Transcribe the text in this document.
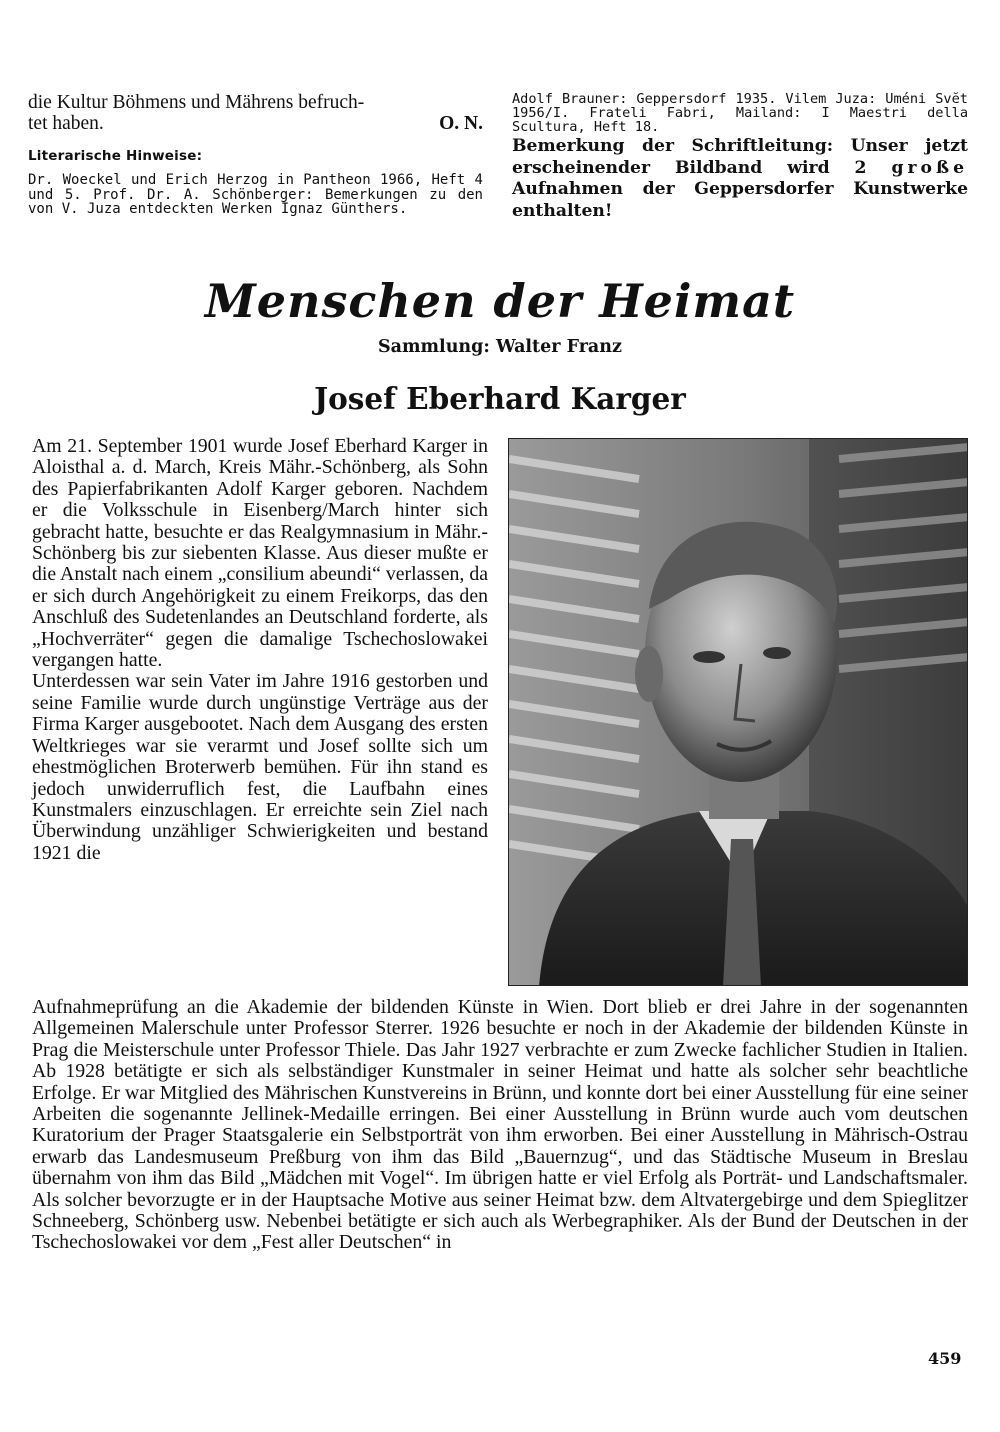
die Kultur Böhmens und Mährens befruch-

tet haben.	O. N.
Literarische Hinweise:

Dr. Woeckel und Erich Herzog in Pantheon 1966, Heft 4 und 5. Prof. Dr. A. Schönberger: Bemerkungen zu den von V. Juza entdeckten Werken Ignaz Günthers.

Adolf Brauner: Geppersdorf 1935. Vilem Juza: Uméni Svĕt 1956/I. Frateli Fabri, Mailand: I Maestri della Scultura, Heft 18.

Bemerkung der Schriftleitung: Unser jetzt erscheinender Bildband wird 2 große Aufnahmen der Geppersdorfer Kunstwerke enthalten!

Menschen der Heimat
Sammlung: Walter Franz
Josef Eberhard Karger

Am 21. September 1901 wurde Josef Eberhard Karger in Aloisthal a. d. March, Kreis Mähr.-Schönberg, als Sohn des Papierfabrikanten Adolf Karger geboren. Nachdem er die Volksschule in Eisenberg/March hinter sich gebracht hatte, besuchte er das Realgymnasium in Mähr.-Schönberg bis zur siebenten Klasse. Aus dieser mußte er die Anstalt nach einem „consilium abeundi“ verlassen, da er sich durch Angehörigkeit zu einem Freikorps, das den Anschluß des Sudetenlandes an Deutschland forderte, als „Hochverräter“ gegen die damalige Tschechoslowakei vergangen hatte.

Unterdessen war sein Vater im Jahre 1916 gestorben und seine Familie wurde durch ungünstige Verträge aus der Firma Karger ausgebootet. Nach dem Ausgang des ersten Weltkrieges war sie verarmt und Josef sollte sich um ehestmöglichen Broterwerb bemühen. Für ihn stand es jedoch unwiderruflich fest, die Laufbahn eines Kunstmalers einzuschlagen. Er erreichte sein Ziel nach Überwindung unzähliger Schwierigkeiten und bestand 1921 die

Aufnahmeprüfung an die Akademie der bildenden Künste in Wien. Dort blieb er drei Jahre in der sogenannten Allgemeinen Malerschule unter Professor Sterrer. 1926 besuchte er noch in der Akademie der bildenden Künste in Prag die Meisterschule unter Professor Thiele. Das Jahr 1927 verbrachte er zum Zwecke fachlicher Studien in Italien. Ab 1928 betätigte er sich als selbständiger Kunstmaler in seiner Heimat und hatte als solcher sehr beachtliche Erfolge. Er war Mitglied des Mährischen Kunstvereins in Brünn, und konnte dort bei einer Ausstellung für eine seiner Arbeiten die sogenannte Jellinek-Medaille erringen. Bei einer Ausstellung in Brünn wurde auch vom deutschen Kuratorium der Prager Staatsgalerie ein Selbstporträt von ihm erworben. Bei einer Ausstellung in Mährisch-Ostrau erwarb das Landesmuseum Preßburg von ihm das Bild „Bauernzug“, und das Städtische Museum in Breslau übernahm von ihm das Bild „Mädchen mit Vogel“. Im übrigen hatte er viel Erfolg als Porträt- und Landschaftsmaler. Als solcher bevorzugte er in der Hauptsache Motive aus seiner Heimat bzw. dem Altvatergebirge und dem Spieglitzer Schneeberg, Schönberg usw. Nebenbei betätigte er sich auch als Werbegraphiker. Als der Bund der Deutschen in der Tschechoslowakei vor dem „Fest aller Deutschen“ in

459
